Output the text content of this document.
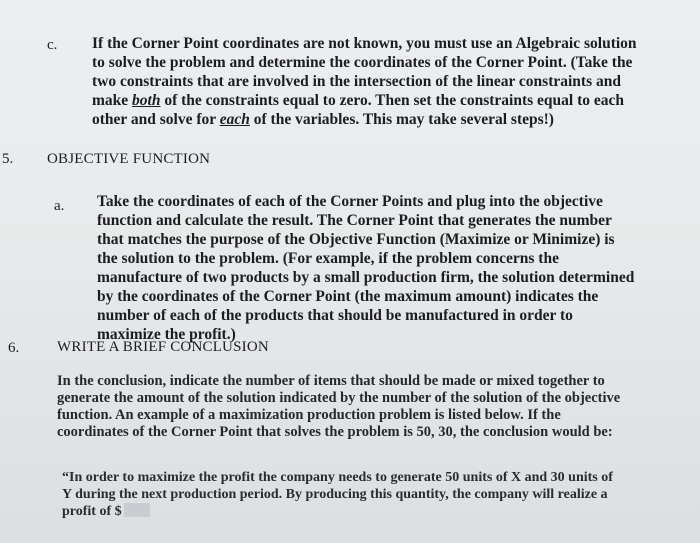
c. If the Corner Point coordinates are not known, you must use an Algebraic solution to solve the problem and determine the coordinates of the Corner Point. (Take the two constraints that are involved in the intersection of the linear constraints and make both of the constraints equal to zero. Then set the constraints equal to each other and solve for each of the variables. This may take several steps!)

5. OBJECTIVE FUNCTION
a. Take the coordinates of each of the Corner Points and plug into the objective function and calculate the result. The Corner Point that generates the number that matches the purpose of the Objective Function (Maximize or Minimize) is the solution to the problem. (For example, if the problem concerns the manufacture of two products by a small production firm, the solution determined by the coordinates of the Corner Point (the maximum amount) indicates the number of each of the products that should be manufactured in order to maximize the profit.)

6.	WRITE A BRIEF CONCLUSION

In the conclusion, indicate the number of items that should be made or mixed together to generate the amount of the solution indicated by the number of the solution of the objective function. An example of a maximization production problem is listed below. If the coordinates of the Corner Point that solves the problem is 50, 30, the conclusion would be:

“In order to maximize the profit the company needs to generate 50 units of X and 30 units of Y during the next production period. By producing this quantity, the company will realize a profit of $
